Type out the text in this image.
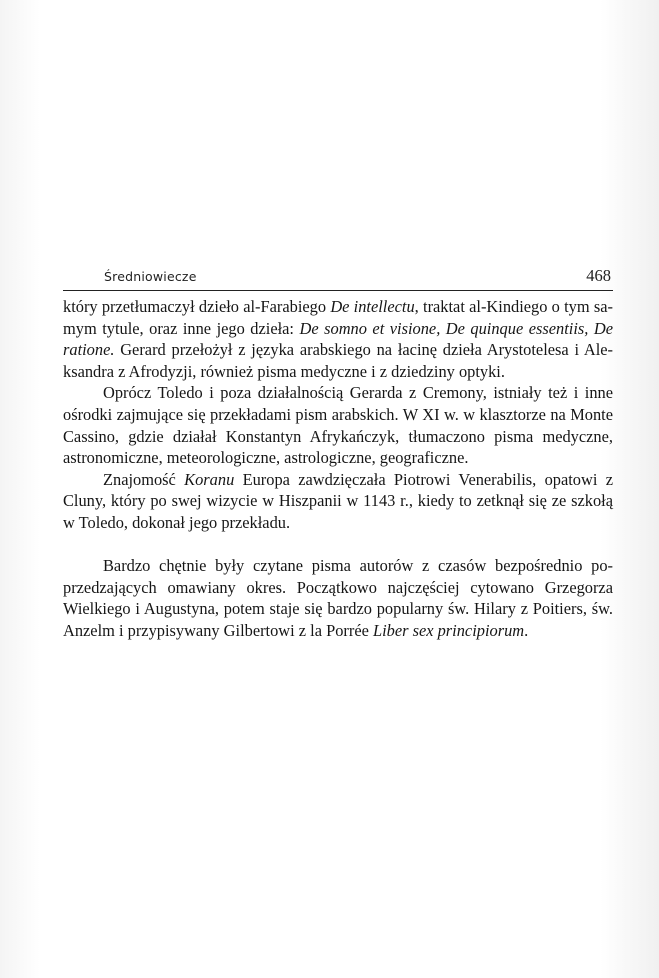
Średniowiecze	468

który przetłumaczył dzieło al-Farabiego De intellectu, traktat al-Kindiego o tym samym tytule, oraz inne jego dzieła: De somno et visione, De quinque essentiis, De ratione. Gerard przełożył z języka arabskiego na łacinę dzieła Arystotelesa i Aleksandra z Afrodyzji, również pisma medyczne i z dziedziny optyki.

Oprócz Toledo i poza działalnością Gerarda z Cremony, istniały też i inne ośrodki zajmujące się przekładami pism arabskich. W XI w. w klasztorze na Monte Cassino, gdzie działał Konstantyn Afrykańczyk, tłumaczono pisma medyczne, astronomiczne, meteorologiczne, astrologiczne, geograficzne.

Znajomość Koranu Europa zawdzięczała Piotrowi Venerabilis, opatowi z Cluny, który po swej wizycie w Hiszpanii w 1143 r., kiedy to zetknął się ze szkołą w Toledo, dokonał jego przekładu.

Bardzo chętnie były czytane pisma autorów z czasów bezpośrednio poprzedzających omawiany okres. Początkowo najczęściej cytowano Grzegorza Wielkiego i Augustyna, potem staje się bardzo popularny św. Hilary z Poitiers, św. Anzelm i przypisywany Gilbertowi z la Porrée Liber sex principiorum.
